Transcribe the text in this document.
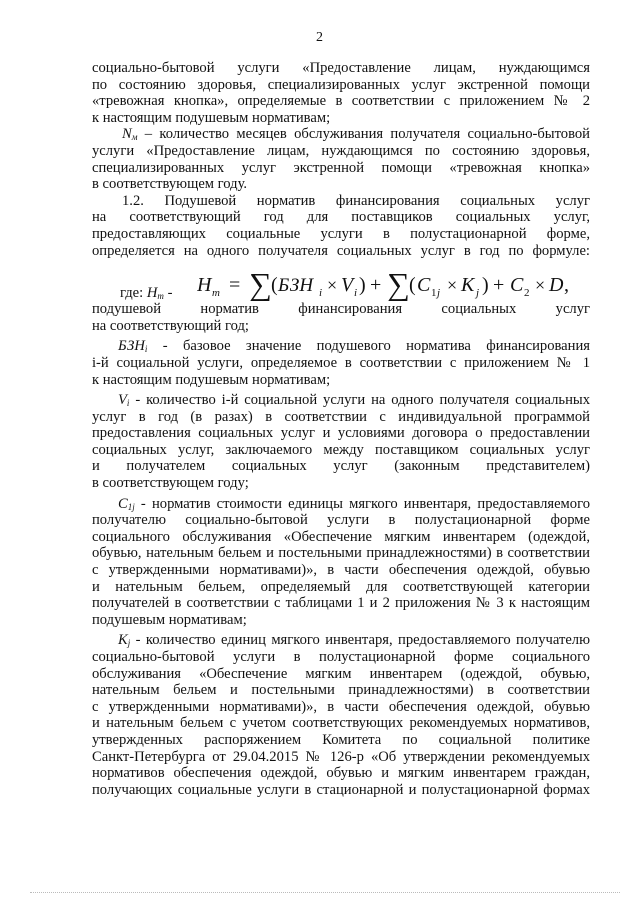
2
социально-бытовой услуги «Предоставление лицам, нуждающимся
по состоянию здоровья, специализированных услуг экстренной помощи
«тревожная кнопка», определяемые в соответствии с приложением № 2
к настоящим подушевым нормативам;
$N_м$ – количество месяцев обслуживания получателя социально-бытовой
услуги «Предоставление лицам, нуждающимся по состоянию здоровья,
специализированных услуг экстренной помощи «тревожная кнопка»
в соответствующем году.
1.2. Подушевой норматив финансирования социальных услуг
на соответствующий год для поставщиков социальных услуг,
предоставляющих социальные услуги в полустационарной форме,
определяется на одного получателя социальных услуг в год по формуле:
где: $Н_т$ - H m = ∑ ( БЗН i × V i ) + ∑ ( C 1 j × K j ) + C 2 × D ,
подушевой норматив финансирования социальных услуг
на соответствующий год;
$БЗН_i$ - базовое значение подушевого норматива финансирования
i-й социальной услуги, определяемое в соответствии с приложением № 1
к настоящим подушевым нормативам;
$V_i$ - количество i-й социальной услуги на одного получателя социальных
услуг в год (в разах) в соответствии с индивидуальной программой
предоставления социальных услуг и условиями договора о предоставлении
социальных услуг, заключаемого между поставщиком социальных услуг
и получателем социальных услуг (законным представителем)
в соответствующем году;
$C_{1j}$ - норматив стоимости единицы мягкого инвентаря, предоставляемого
получателю социально-бытовой услуги в полустационарной форме
социального обслуживания «Обеспечение мягким инвентарем (одеждой,
обувью, нательным бельем и постельными принадлежностями) в соответствии
с утвержденными нормативами)», в части обеспечения одеждой, обувью
и нательным бельем, определяемый для соответствующей категории
получателей в соответствии с таблицами 1 и 2 приложения № 3 к настоящим
подушевым нормативам;
$K_j$ - количество единиц мягкого инвентаря, предоставляемого получателю
социально-бытовой услуги в полустационарной форме социального
обслуживания «Обеспечение мягким инвентарем (одеждой, обувью,
нательным бельем и постельными принадлежностями) в соответствии
с утвержденными нормативами)», в части обеспечения одеждой, обувью
и нательным бельем с учетом соответствующих рекомендуемых нормативов,
утвержденных распоряжением Комитета по социальной политике
Санкт-Петербурга от 29.04.2015 № 126-р «Об утверждении рекомендуемых
нормативов обеспечения одеждой, обувью и мягким инвентарем граждан,
получающих социальные услуги в стационарной и полустационарной формах
